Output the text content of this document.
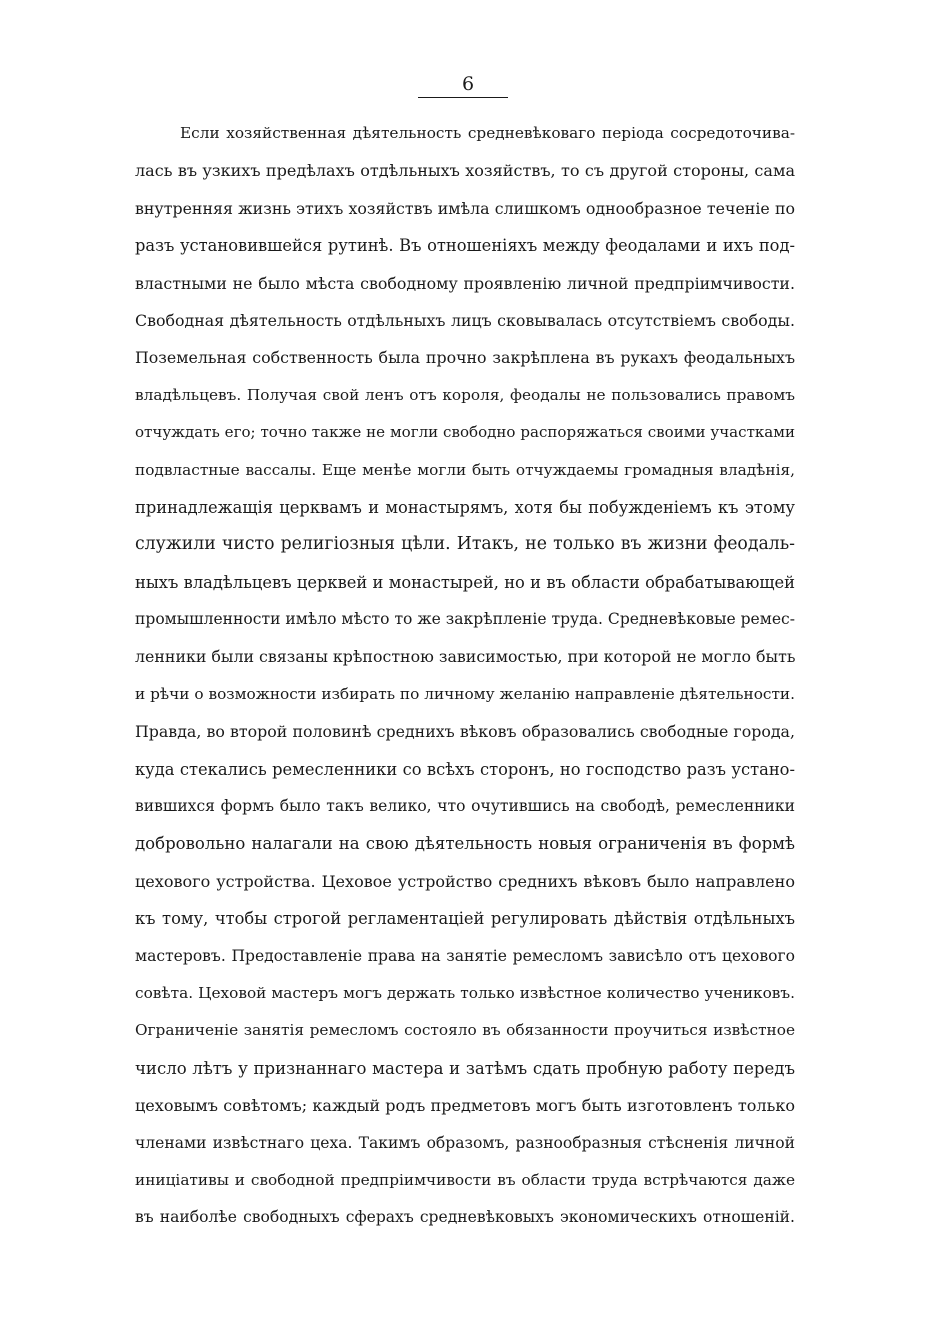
6
Если хозяйственная дѣятельность средневѣковаго періода сосредоточива-
лась въ узкихъ предѣлахъ отдѣльныхъ хозяйствъ, то съ другой стороны, сама
внутренняя жизнь этихъ хозяйствъ имѣла слишкомъ однообразное теченіе по
разъ установившейся рутинѣ. Въ отношеніяхъ между феодалами и ихъ под-
властными не было мѣста свободному проявленію личной предпріимчивости.
Свободная дѣятельность отдѣльныхъ лицъ сковывалась отсутствіемъ свободы.
Поземельная собственность была прочно закрѣплена въ рукахъ феодальныхъ
владѣльцевъ. Получая свой ленъ отъ короля, феодалы не пользовались правомъ
отчуждать его; точно также не могли свободно распоряжаться своими участками
подвластные вассалы. Еще менѣе могли быть отчуждаемы громадныя владѣнія,
принадлежащія церквамъ и монастырямъ, хотя бы побужденіемъ къ этому
служили чисто религіозныя цѣли. Итакъ, не только въ жизни феодаль-
ныхъ владѣльцевъ церквей и монастырей, но и въ области обрабатывающей
промышленности имѣло мѣсто то же закрѣпленіе труда. Средневѣковые ремес-
ленники были связаны крѣпостною зависимостью, при которой не могло быть
и рѣчи о возможности избирать по личному желанію направленіе дѣятельности.
Правда, во второй половинѣ среднихъ вѣковъ образовались свободные города,
куда стекались ремесленники со всѣхъ сторонъ, но господство разъ устано-
вившихся формъ было такъ велико, что очутившись на свободѣ, ремесленники
добровольно налагали на свою дѣятельность новыя ограниченія въ формѣ
цехового устройства. Цеховое устройство среднихъ вѣковъ было направлено
къ тому, чтобы строгой регламентаціей регулировать дѣйствія отдѣльныхъ
мастеровъ. Предоставленіе права на занятіе ремесломъ зависѣло отъ цехового
совѣта. Цеховой мастеръ могъ держать только извѣстное количество учениковъ.
Ограниченіе занятія ремесломъ состояло въ обязанности проучиться извѣстное
число лѣтъ у признаннаго мастера и затѣмъ сдать пробную работу передъ
цеховымъ совѣтомъ; каждый родъ предметовъ могъ быть изготовленъ только
членами извѣстнаго цеха. Такимъ образомъ, разнообразныя стѣсненія личной
иниціативы и свободной предпріимчивости въ области труда встрѣчаются даже
въ наиболѣе свободныхъ сферахъ средневѣковыхъ экономическихъ отношеній.
